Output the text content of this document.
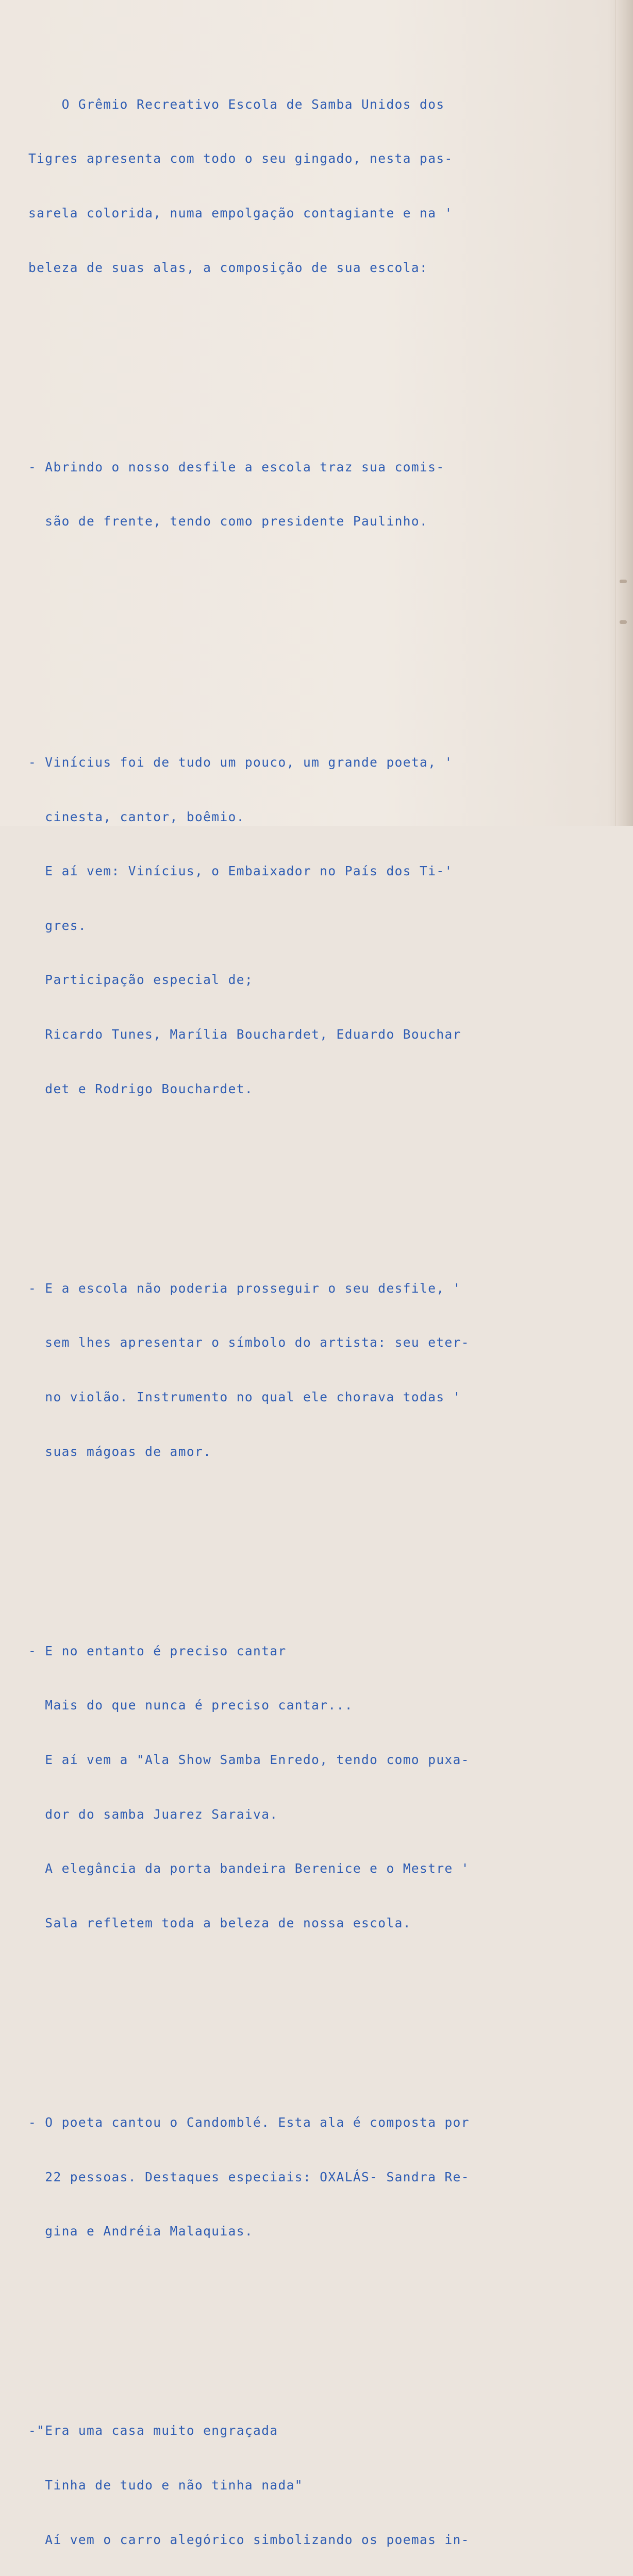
O Grêmio Recreativo Escola de Samba Unidos dos

Tigres apresenta com todo o seu gingado, nesta pas-

sarela colorida, numa empolgação contagiante e na '

beleza de suas alas, a composição de sua escola:

- Abrindo o nosso desfile a escola traz sua comis-

são de frente, tendo como presidente Paulinho.

- Vinícius foi de tudo um pouco, um grande poeta, '

cinesta, cantor, boêmio.

E aí vem: Vinícius, o Embaixador no País dos Ti-'

gres.

Participação especial de;

Ricardo Tunes, Marília Bouchardet, Eduardo Bouchar

det e Rodrigo Bouchardet.

- E a escola não poderia prosseguir o seu desfile, '

sem lhes apresentar o símbolo do artista: seu eter-

no violão. Instrumento no qual ele chorava todas '

suas mágoas de amor.

- E no entanto é preciso cantar

Mais do que nunca é preciso cantar...

E aí vem a "Ala Show Samba Enredo, tendo como puxa-

dor do samba Juarez Saraiva.

A elegância da porta bandeira Berenice e o Mestre '

Sala refletem toda a beleza de nossa escola.

- O poeta cantou o Candomblé. Esta ala é composta por

22 pessoas. Destaques especiais: OXALÁS- Sandra Re-

gina e Andréia Malaquias.

-"Era uma casa muito engraçada

Tinha de tudo e não tinha nada"

Aí vem o carro alegórico simbolizando os poemas in-
